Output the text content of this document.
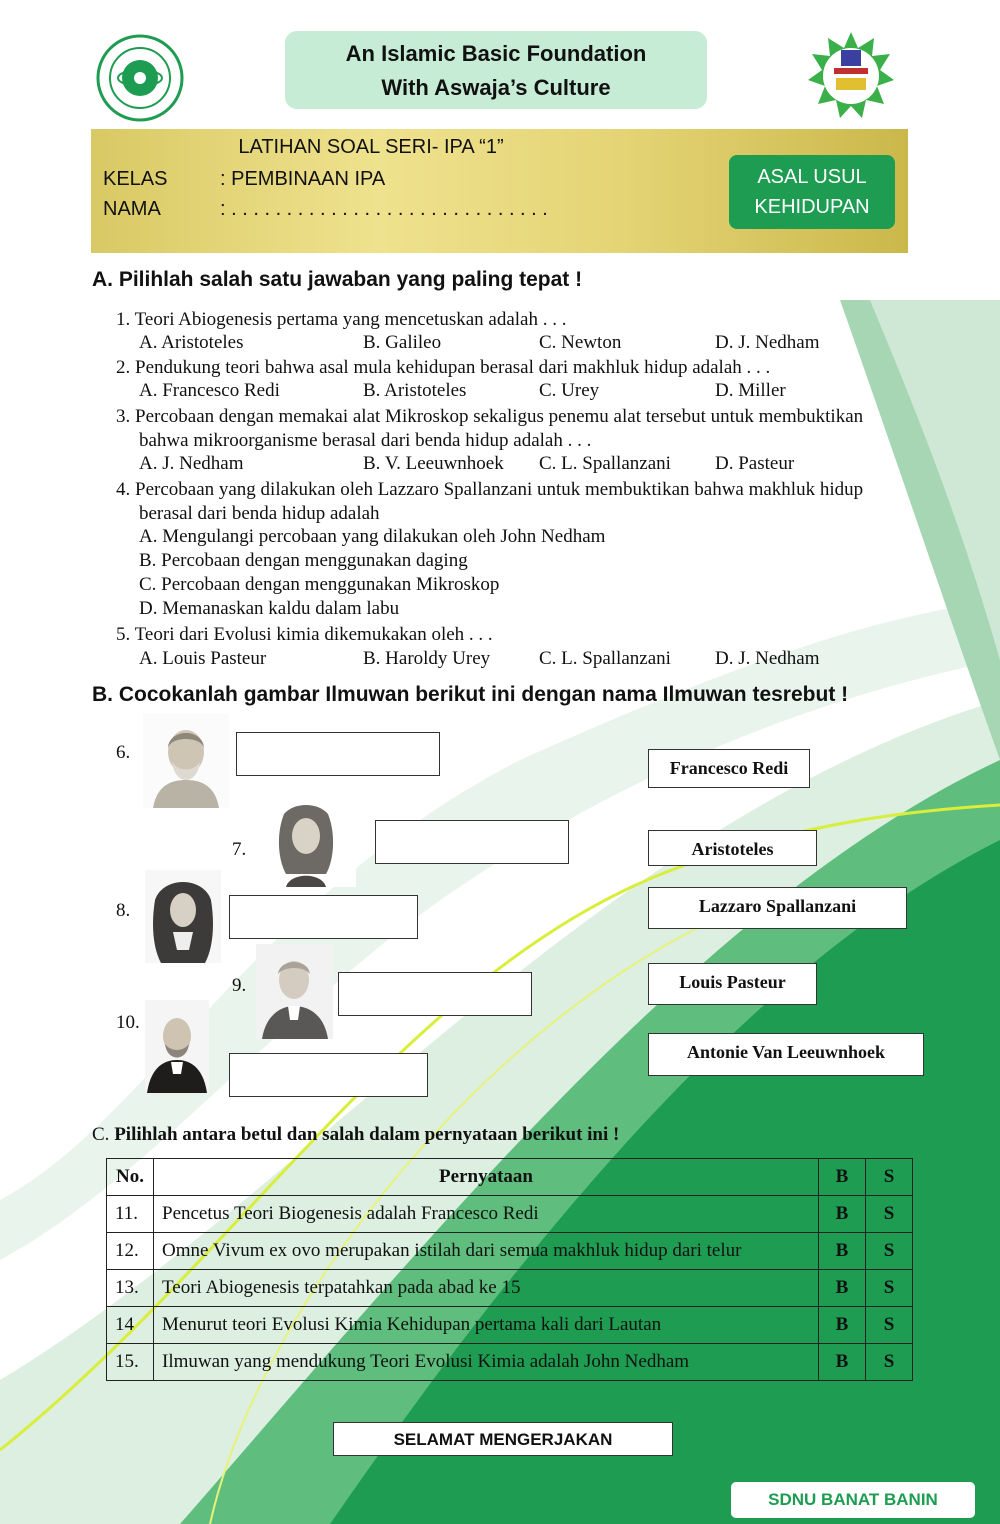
An Islamic Basic Foundation
With Aswaja’s Culture
LATIHAN SOAL SERI- IPA “1”
KELAS	: PEMBINAAN IPA
NAMA	: . . . . . . . . . . . . . . . . . . . . . . . . . . . . .
ASAL USUL
KEHIDUPAN
A. Pilihlah salah satu jawaban yang paling tepat !
1. Teori Abiogenesis pertama yang mencetuskan adalah . . .
A. Aristoteles	B. Galileo	C. Newton	D. J. Nedham
2. Pendukung teori bahwa asal mula kehidupan berasal dari makhluk hidup adalah . . .
A. Francesco Redi	B. Aristoteles	C. Urey	D. Miller
3. Percobaan dengan memakai alat Mikroskop sekaligus penemu alat tersebut untuk membuktikan
bahwa mikroorganisme berasal dari benda hidup adalah . . .
A. J. Nedham	B. V. Leeuwnhoek C. L. Spallanzani D. Pasteur
4. Percobaan yang dilakukan oleh Lazzaro Spallanzani untuk membuktikan bahwa makhluk hidup
berasal dari benda hidup adalah
A. Mengulangi percobaan yang dilakukan oleh John Nedham
B. Percobaan dengan menggunakan daging
C. Percobaan dengan menggunakan Mikroskop
D. Memanaskan kaldu dalam labu
5. Teori dari Evolusi kimia dikemukakan oleh . . .
A. Louis Pasteur	B. Haroldy Urey	C. L. Spallanzani D. J. Nedham
B. Cocokanlah gambar Ilmuwan berikut ini dengan nama Ilmuwan tesrebut !
6.
7.
8.
9.
10.
Francesco Redi
Aristoteles
Lazzaro Spallanzani
Louis Pasteur
Antonie Van Leeuwnhoek
C. Pilihlah antara betul dan salah dalam pernyataan berikut ini !
No.	Pernyataan	B	S
11.	Pencetus Teori Biogenesis adalah Francesco Redi	B	S
12.	Omne Vivum ex ovo merupakan istilah dari semua makhluk hidup dari telur	B	S
13.	Teori Abiogenesis terpatahkan pada abad ke 15	B	S
14	Menurut teori Evolusi Kimia Kehidupan pertama kali dari Lautan	B	S
15.	Ilmuwan yang mendukung Teori Evolusi Kimia adalah John Nedham	B	S
SELAMAT MENGERJAKAN
SDNU BANAT BANIN
